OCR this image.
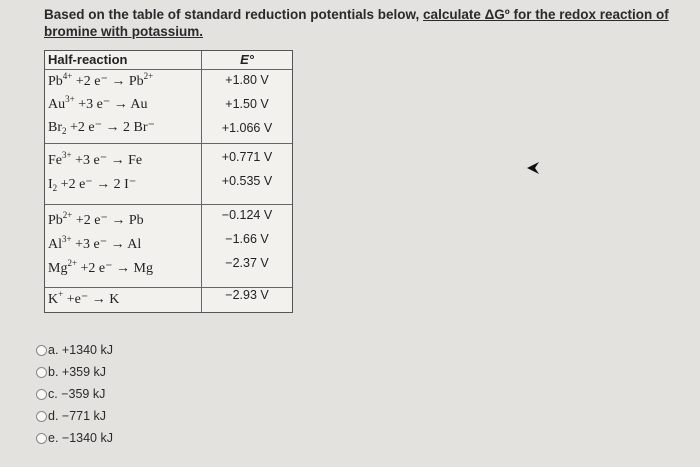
Based on the table of standard reduction potentials below, calculate ΔGº for the redox reaction of bromine with potassium.
Half-reaction	E°
$Pb^{4+} +2$ $e^- \to Pb^{2+}$
$Au^{3+} +3$ e⁻ → Au
$Br_2 +2$ e⁻ → 2 Br⁻
+1.80 V
+1.50 V
+1.066 V
$Fe^{3+} +3$ e⁻ → Fe
$I_2 +2$ e⁻ → 2 I⁻
+0.771 V
+0.535 V
$Pb^{2+} +2$ e⁻ → Pb
$Al^{3+} +3$ e⁻ → Al
$Mg^{2+} +2$ e⁻ → Mg
−0.124 V
−1.66 V
−2.37 V
K+ +e⁻ → K	−2.93 V
a. +1340 kJ
b. +359 kJ
c. −359 kJ
d. −771 kJ
e. −1340 kJ
